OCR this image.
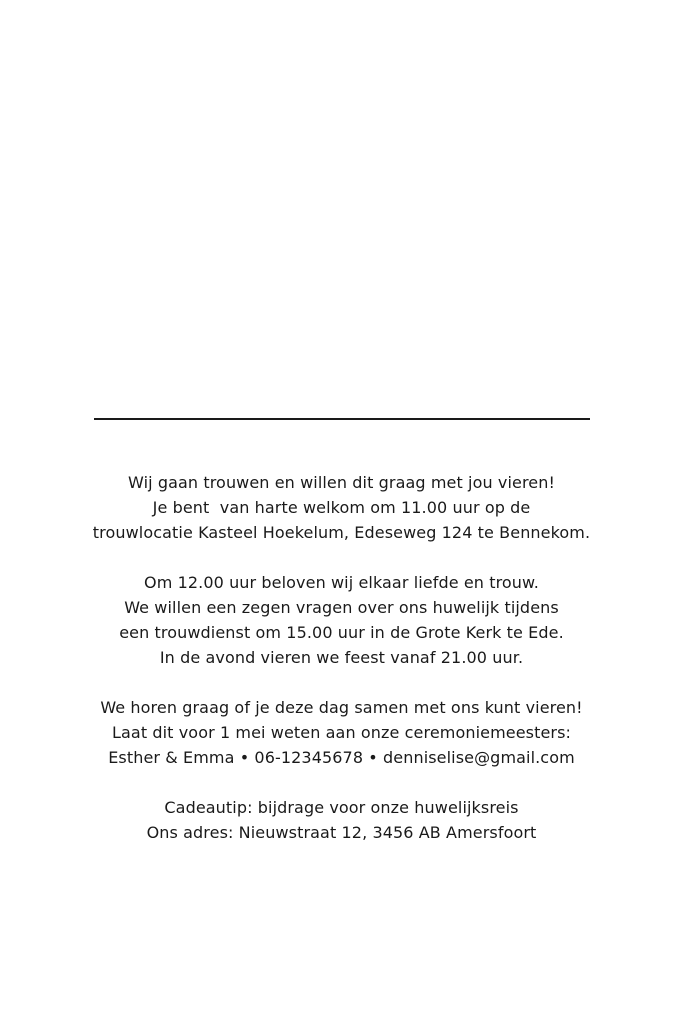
Wij gaan trouwen en willen dit graag met jou vieren!
Je bent  van harte welkom om 11.00 uur op de
trouwlocatie Kasteel Hoekelum, Edeseweg 124 te Bennekom.
Om 12.00 uur beloven wij elkaar liefde en trouw.
We willen een zegen vragen over ons huwelijk tijdens
een trouwdienst om 15.00 uur in de Grote Kerk te Ede.
In de avond vieren we feest vanaf 21.00 uur.
We horen graag of je deze dag samen met ons kunt vieren!
Laat dit voor 1 mei weten aan onze ceremoniemeesters:
Esther & Emma • 06-12345678 • denniselise@gmail.com
Cadeautip: bijdrage voor onze huwelijksreis
Ons adres: Nieuwstraat 12, 3456 AB Amersfoort
